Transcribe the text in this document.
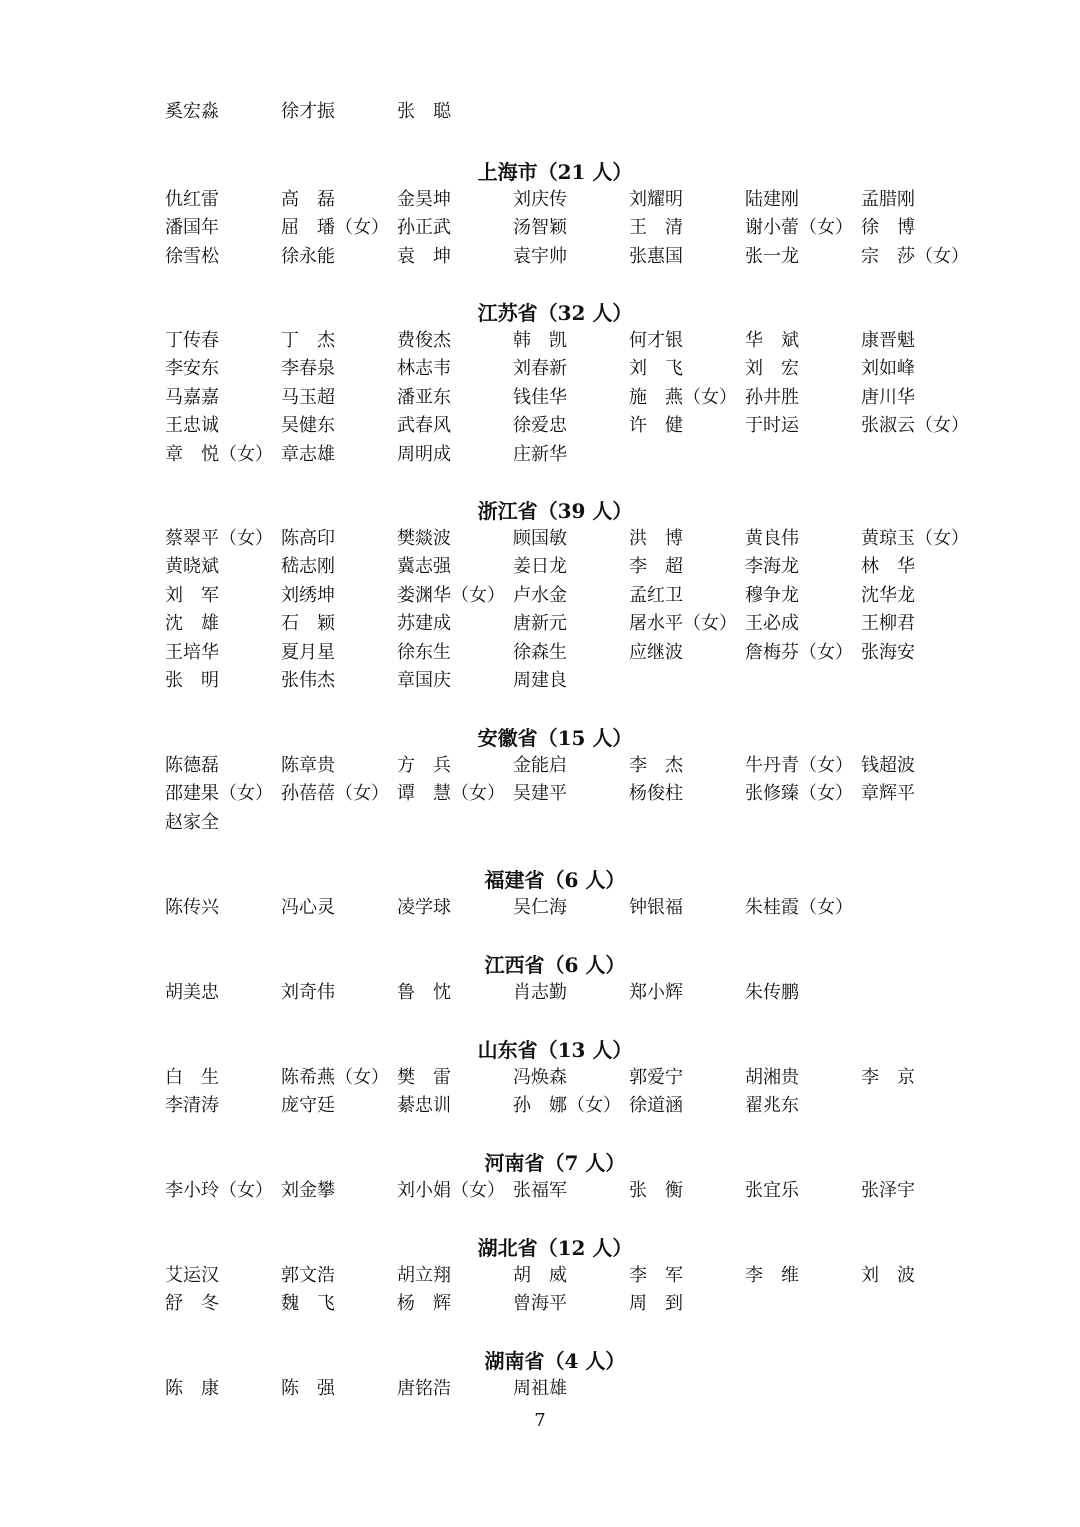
奚宏淼	徐才振	张　聪
上海市（21 人）
仇红雷	高　磊	金昊坤	刘庆传	刘耀明	陆建刚	孟腊刚
潘国年	屈　璠（女） 孙正武	汤智颖	王　清	谢小蕾（女） 徐　博
徐雪松	徐永能	袁　坤	袁宇帅	张惠国	张一龙	宗　莎（女）
江苏省（32 人）
丁传春	丁　杰	费俊杰	韩　凯	何才银	华　斌	康晋魁
李安东	李春泉	林志韦	刘春新	刘　飞	刘　宏	刘如峰
马嘉嘉	马玉超	潘亚东	钱佳华	施　燕（女） 孙井胜	唐川华
王忠诚	吴健东	武春风	徐爱忠	许　健	于时运	张淑云（女）
章　悦（女） 章志雄	周明成	庄新华
浙江省（39 人）
蔡翠平（女） 陈高印	樊燚波	顾国敏	洪　博	黄良伟	黄琼玉（女）
黄晓斌	嵇志刚	冀志强	姜日龙	李　超	李海龙	林　华
刘　军	刘绣坤	娄渊华（女） 卢水金	孟红卫	穆争龙	沈华龙
沈　雄	石　颖	苏建成	唐新元	屠水平（女） 王必成	王柳君
王培华	夏月星	徐东生	徐森生	应继波	詹梅芬（女） 张海安
张　明	张伟杰	章国庆	周建良
安徽省（15 人）
陈德磊	陈章贵	方　兵	金能启	李　杰	牛丹青（女） 钱超波
邵建果（女） 孙蓓蓓（女） 谭　慧（女） 吴建平	杨俊柱	张修臻（女） 章辉平
赵家全
福建省（6 人）
陈传兴	冯心灵	凌学球	吴仁海	钟银福	朱桂霞（女）
江西省（6 人）
胡美忠	刘奇伟	鲁　忱	肖志勤	郑小辉	朱传鹏
山东省（13 人）
白　生	陈希燕（女） 樊　雷	冯焕森	郭爱宁	胡湘贵	李　京
李清涛	庞守廷	綦忠训	孙　娜（女） 徐道涵	翟兆东
河南省（7 人）
李小玲（女） 刘金攀	刘小娟（女） 张福军	张　衡	张宜乐	张泽宇
湖北省（12 人）
艾运汉	郭文浩	胡立翔	胡　威	李　军	李　维	刘　波
舒　冬	魏　飞	杨　辉	曾海平	周　到
湖南省（4 人）
陈　康	陈　强	唐铭浩	周祖雄
7
